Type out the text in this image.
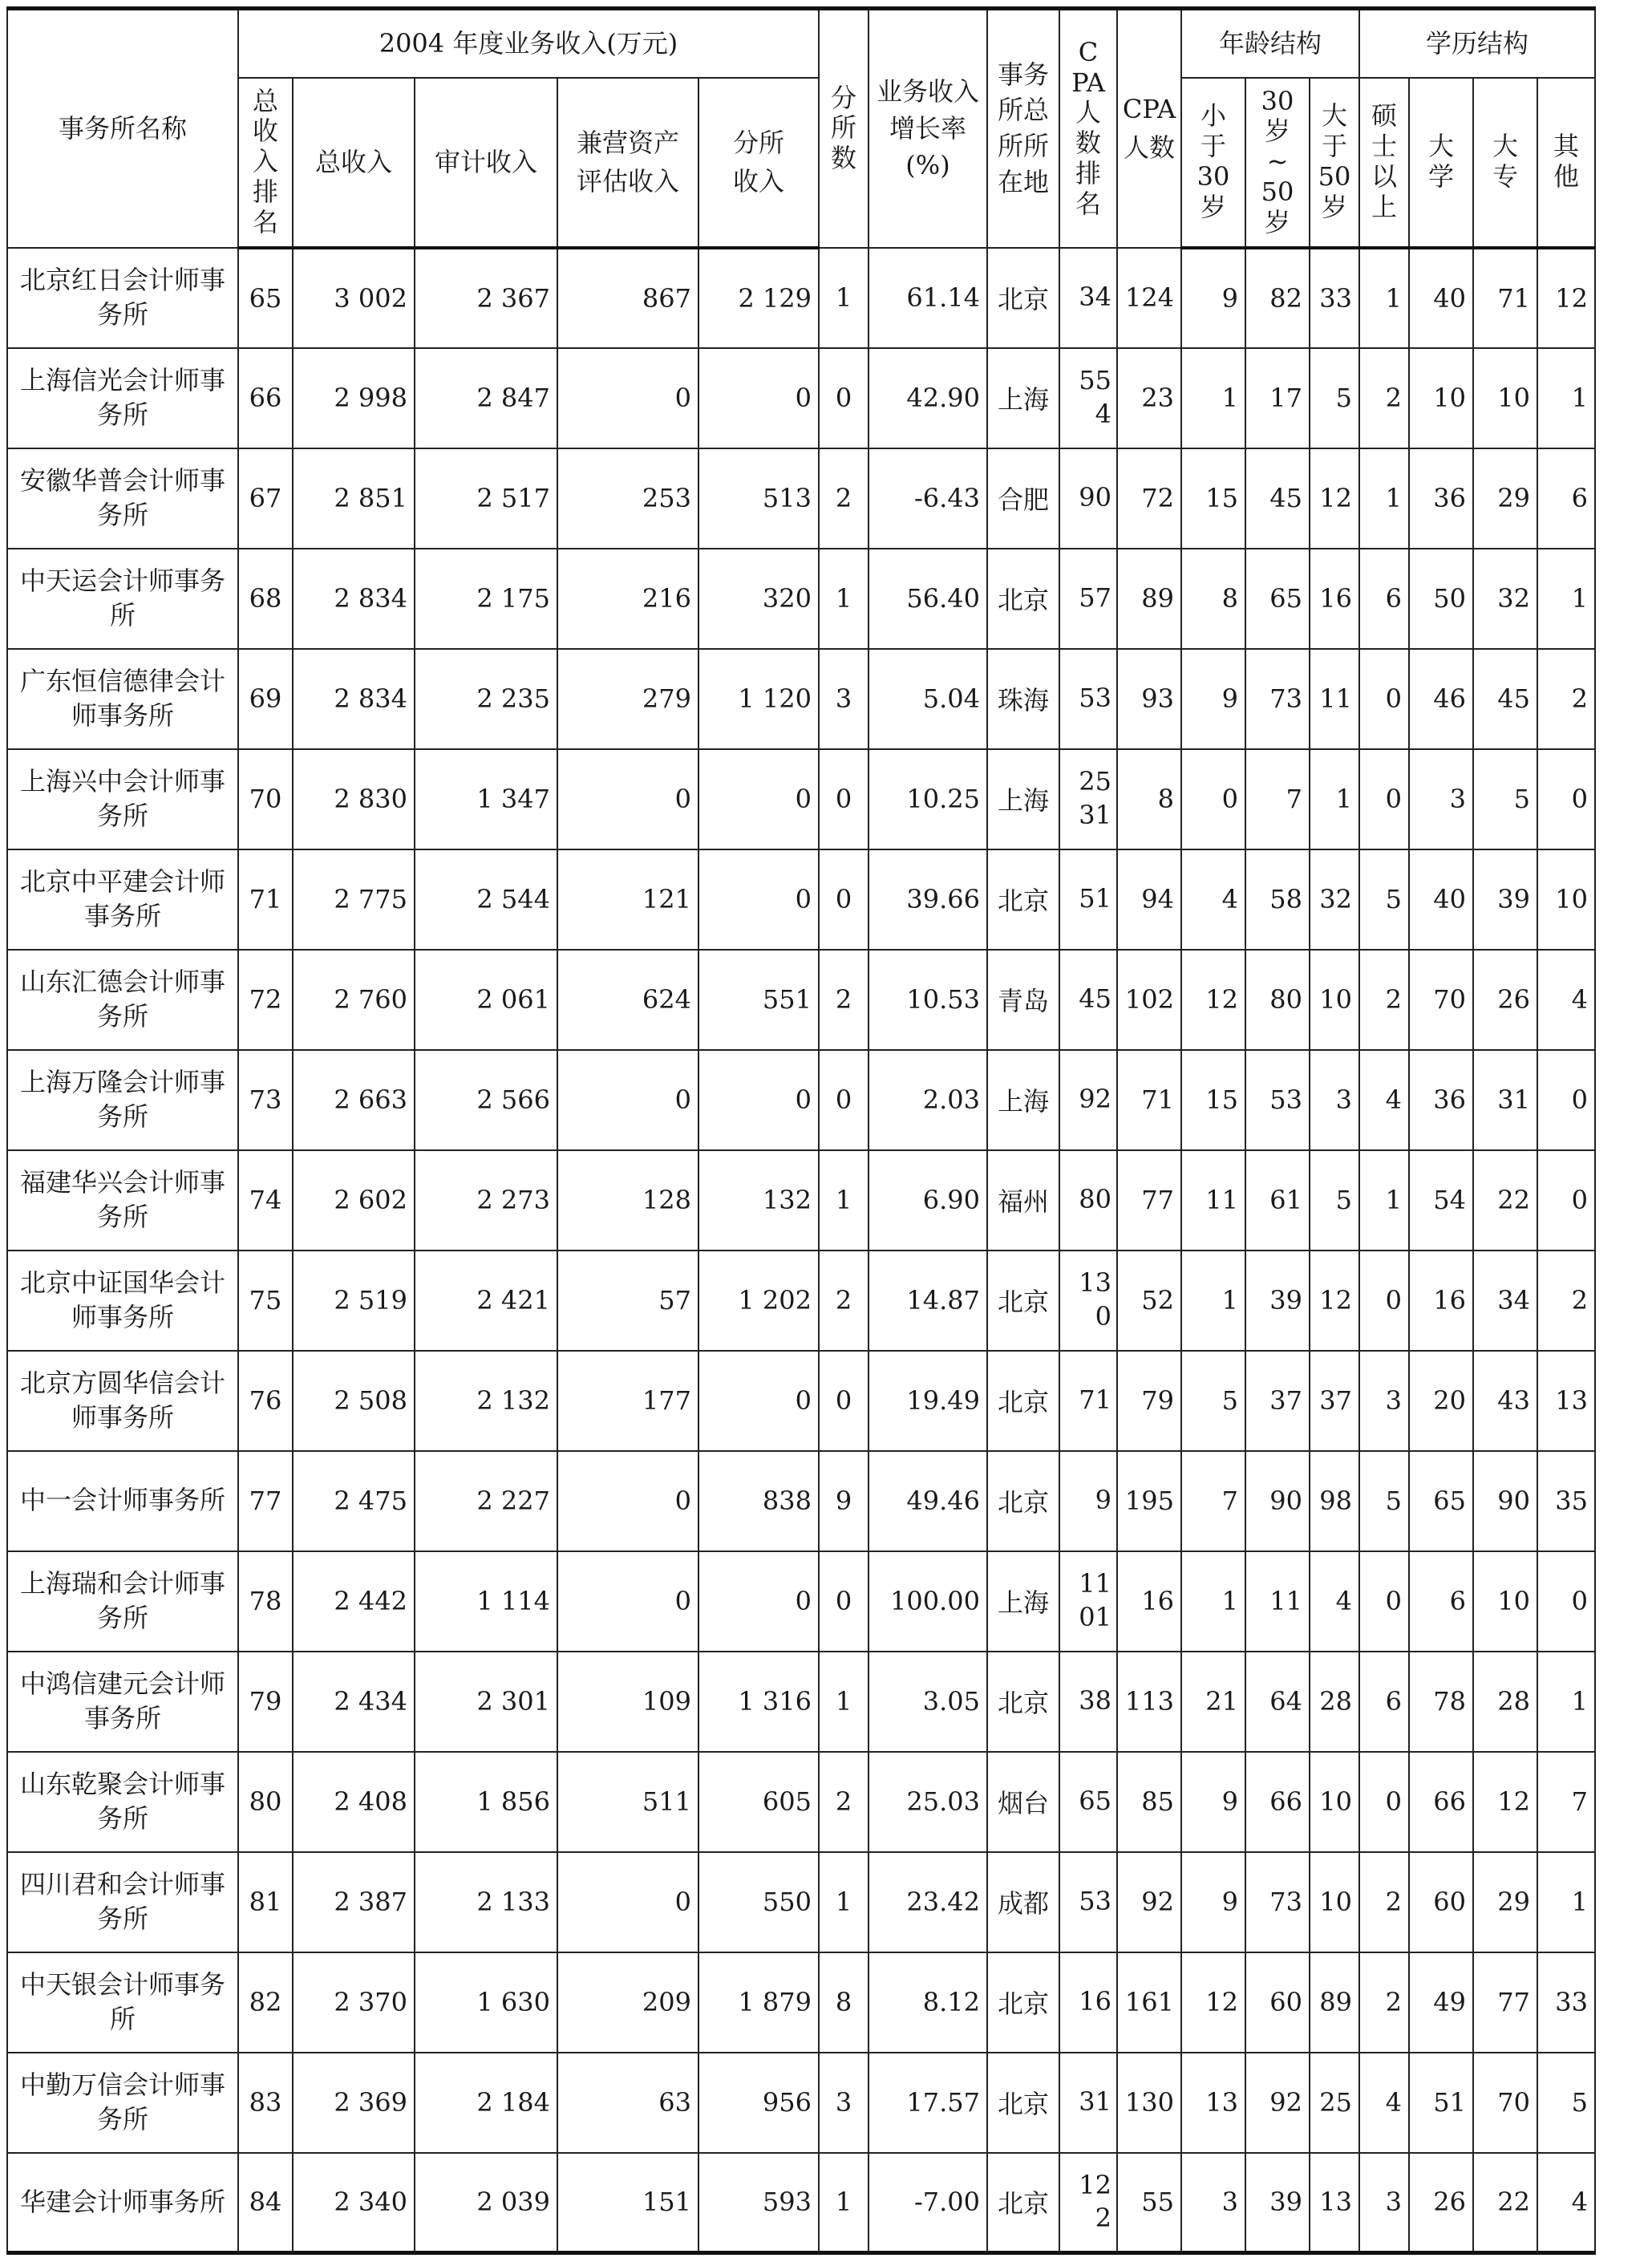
事务所名称	2004 年度业务收入(万元)					分所数	业务收入增长率(%)	事务所总所所在地	CPA人数排名	CPA人数	年龄结构			学历结构			
	总收入排名	总收入	审计收入	兼营资产评估收入	分所收入						小于30岁	30岁~50岁	大于50岁	硕士以上	大学	大专	其他
北京红日会计师事务所	65	3 002	2 367	867	2 129	1	61.14	北京	34	124	9	82	33	1	40	71	12
上海信光会计师事务所	66	2 998	2 847	0	0	0	42.90	上海	554	23	1	17	5	2	10	10	1
安徽华普会计师事务所	67	2 851	2 517	253	513	2	-6.43	合肥	90	72	15	45	12	1	36	29	6
中天运会计师事务所	68	2 834	2 175	216	320	1	56.40	北京	57	89	8	65	16	6	50	32	1
广东恒信德律会计师事务所	69	2 834	2 235	279	1 120	3	5.04	珠海	53	93	9	73	11	0	46	45	2
上海兴中会计师事务所	70	2 830	1 347	0	0	0	10.25	上海	2531	8	0	7	1	0	3	5	0
北京中平建会计师事务所	71	2 775	2 544	121	0	0	39.66	北京	51	94	4	58	32	5	40	39	10
山东汇德会计师事务所	72	2 760	2 061	624	551	2	10.53	青岛	45	102	12	80	10	2	70	26	4
上海万隆会计师事务所	73	2 663	2 566	0	0	0	2.03	上海	92	71	15	53	3	4	36	31	0
福建华兴会计师事务所	74	2 602	2 273	128	132	1	6.90	福州	80	77	11	61	5	1	54	22	0
北京中证国华会计师事务所	75	2 519	2 421	57	1 202	2	14.87	北京	130	52	1	39	12	0	16	34	2
北京方圆华信会计师事务所	76	2 508	2 132	177	0	0	19.49	北京	71	79	5	37	37	3	20	43	13
中一会计师事务所	77	2 475	2 227	0	838	9	49.46	北京	9	195	7	90	98	5	65	90	35
上海瑞和会计师事务所	78	2 442	1 114	0	0	0	100.00	上海	1101	16	1	11	4	0	6	10	0
中鸿信建元会计师事务所	79	2 434	2 301	109	1 316	1	3.05	北京	38	113	21	64	28	6	78	28	1
山东乾聚会计师事务所	80	2 408	1 856	511	605	2	25.03	烟台	65	85	9	66	10	0	66	12	7
四川君和会计师事务所	81	2 387	2 133	0	550	1	23.42	成都	53	92	9	73	10	2	60	29	1
中天银会计师事务所	82	2 370	1 630	209	1 879	8	8.12	北京	16	161	12	60	89	2	49	77	33
中勤万信会计师事务所	83	2 369	2 184	63	956	3	17.57	北京	31	130	13	92	25	4	51	70	5
华建会计师事务所	84	2 340	2 039	151	593	1	-7.00	北京	122	55	3	39	13	3	26	22	4
